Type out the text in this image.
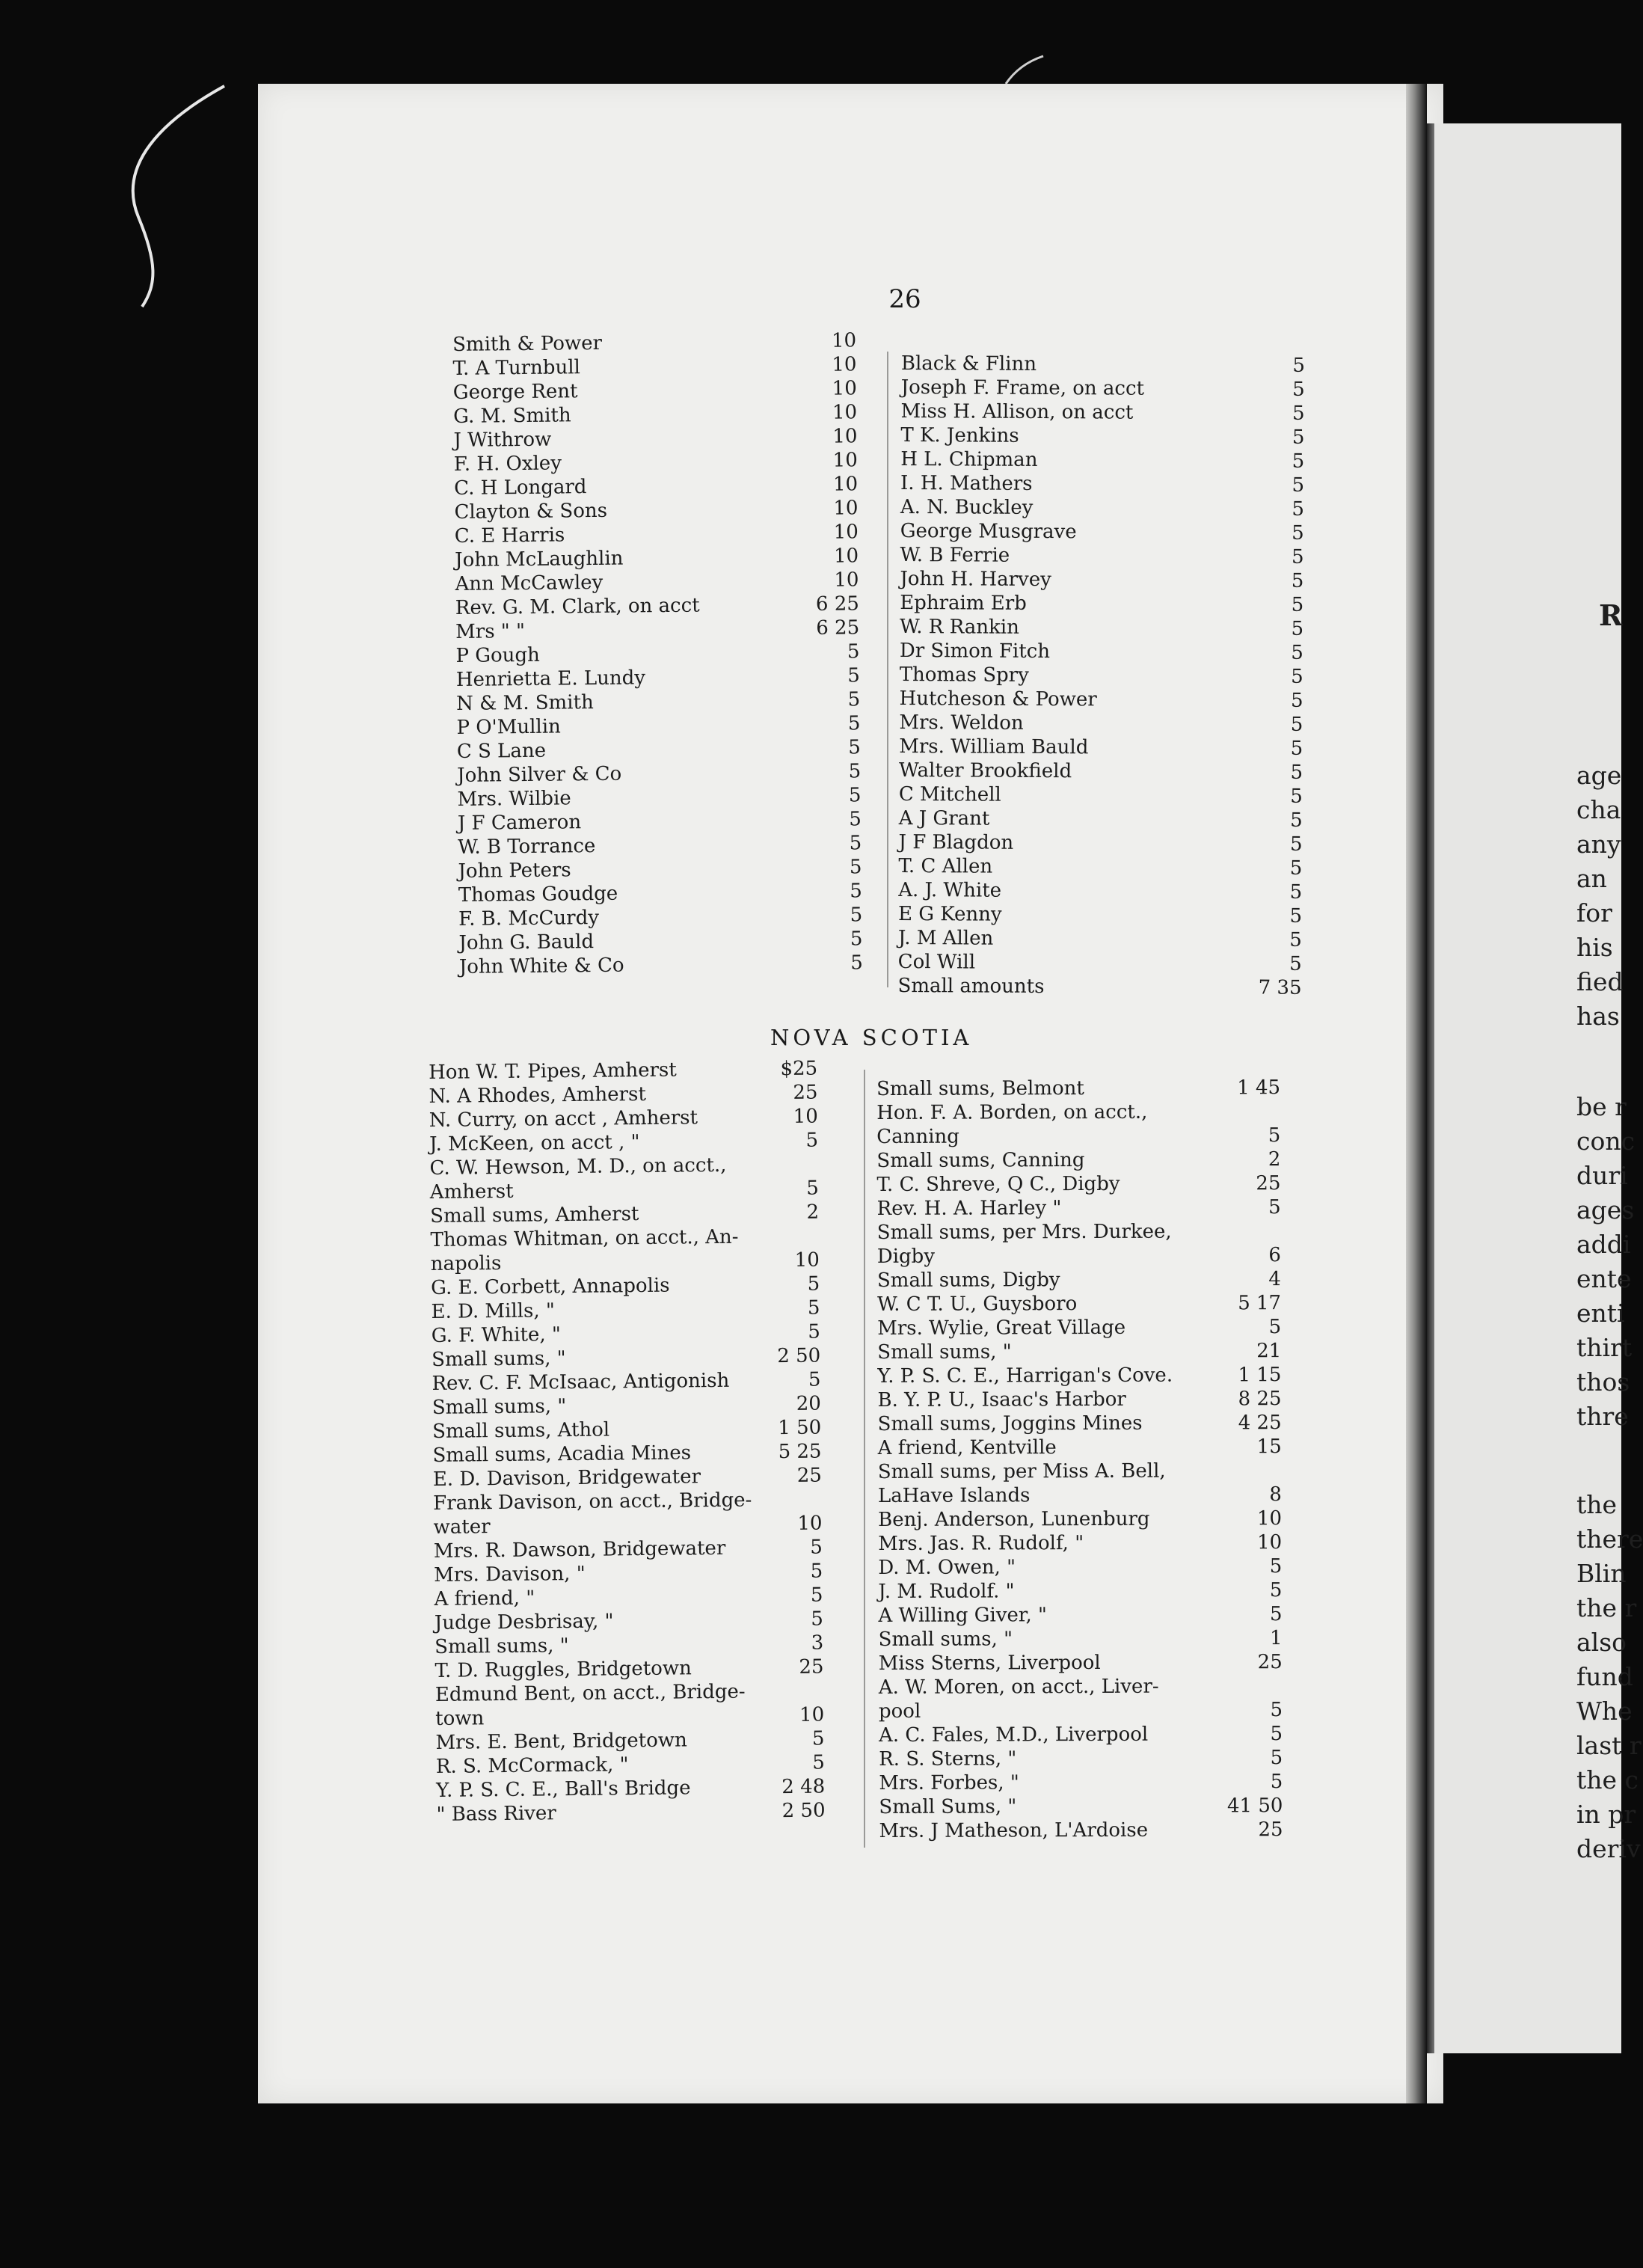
26
Smith & Power	10
T. A Turnbull	10
George Rent	10
G. M. Smith	10
J Withrow	10
F. H. Oxley	10
C. H Longard	10
Clayton & Sons	10
C. E Harris	10
John McLaughlin	10
Ann McCawley	10
Rev. G. M. Clark, on acct	6 25
Mrs " "	6 25
P Gough	5
Henrietta E. Lundy	5
N & M. Smith	5
P O'Mullin	5
C S Lane	5
John Silver & Co	5
Mrs. Wilbie	5
J F Cameron	5
W. B Torrance	5
John Peters	5
Thomas Goudge	5
F. B. McCurdy	5
John G. Bauld	5
John White & Co	5
Black & Flinn	5
Joseph F. Frame, on acct	5
Miss H. Allison, on acct	5
T K. Jenkins	5
H L. Chipman	5
I. H. Mathers	5
A. N. Buckley	5
George Musgrave	5
W. B Ferrie	5
John H. Harvey	5
Ephraim Erb	5
W. R Rankin	5
Dr Simon Fitch	5
Thomas Spry	5
Hutcheson & Power	5
Mrs. Weldon	5
Mrs. William Bauld	5
Walter Brookfield	5
C Mitchell	5
A J Grant	5
J F Blagdon	5
T. C Allen	5
A. J. White	5
E G Kenny	5
J. M Allen	5
Col Will	5
Small amounts	7 35
NOVA SCOTIA
Hon W. T. Pipes, Amherst	$25
N. A Rhodes, Amherst	25
N. Curry, on acct , Amherst	10
J. McKeen, on acct , "	5
C. W. Hewson, M. D., on acct.,
Amherst	5
Small sums, Amherst	2
Thomas Whitman, on acct., An-
napolis	10
G. E. Corbett, Annapolis	5
E. D. Mills, "	5
G. F. White, "	5
Small sums, "	2 50
Rev. C. F. McIsaac, Antigonish	5
Small sums, "	20
Small sums, Athol	1 50
Small sums, Acadia Mines	5 25
E. D. Davison, Bridgewater	25
Frank Davison, on acct., Bridge-
water	10
Mrs. R. Dawson, Bridgewater	5
Mrs. Davison, "	5
A friend, "	5
Judge Desbrisay, "	5
Small sums, "	3
T. D. Ruggles, Bridgetown	25
Edmund Bent, on acct., Bridge-
town	10
Mrs. E. Bent, Bridgetown	5
R. S. McCormack, "	5
Y. P. S. C. E., Ball's Bridge	2 48
" Bass River	2 50
Small sums, Belmont	1 45
Hon. F. A. Borden, on acct.,
Canning	5
Small sums, Canning	2
T. C. Shreve, Q C., Digby	25
Rev. H. A. Harley "	5
Small sums, per Mrs. Durkee,
Digby	6
Small sums, Digby	4
W. C T. U., Guysboro	5 17
Mrs. Wylie, Great Village	5
Small sums, "	21
Y. P. S. C. E., Harrigan's Cove.	1 15
B. Y. P. U., Isaac's Harbor	8 25
Small sums, Joggins Mines	4 25
A friend, Kentville	15
Small sums, per Miss A. Bell,
LaHave Islands	8
Benj. Anderson, Lunenburg	10
Mrs. Jas. R. Rudolf, "	10
D. M. Owen, "	5
J. M. Rudolf. "	5
A Willing Giver, "	5
Small sums, "	1
Miss Sterns, Liverpool	25
A. W. Moren, on acct., Liver-
pool	5
A. C. Fales, M.D., Liverpool	5
R. S. Sterns, "	5
Mrs. Forbes, "	5
Small Sums, "	41 50
Mrs. J Matheson, L'Ardoise	25
R
age
cha
any
an
for
his
fied
has
be r
conc
duri
ages
addi
ente
enti
thirt
thos
thre
the
there
Blin
the r
also
fund
Whe
last r
the c
in pr
deriv
